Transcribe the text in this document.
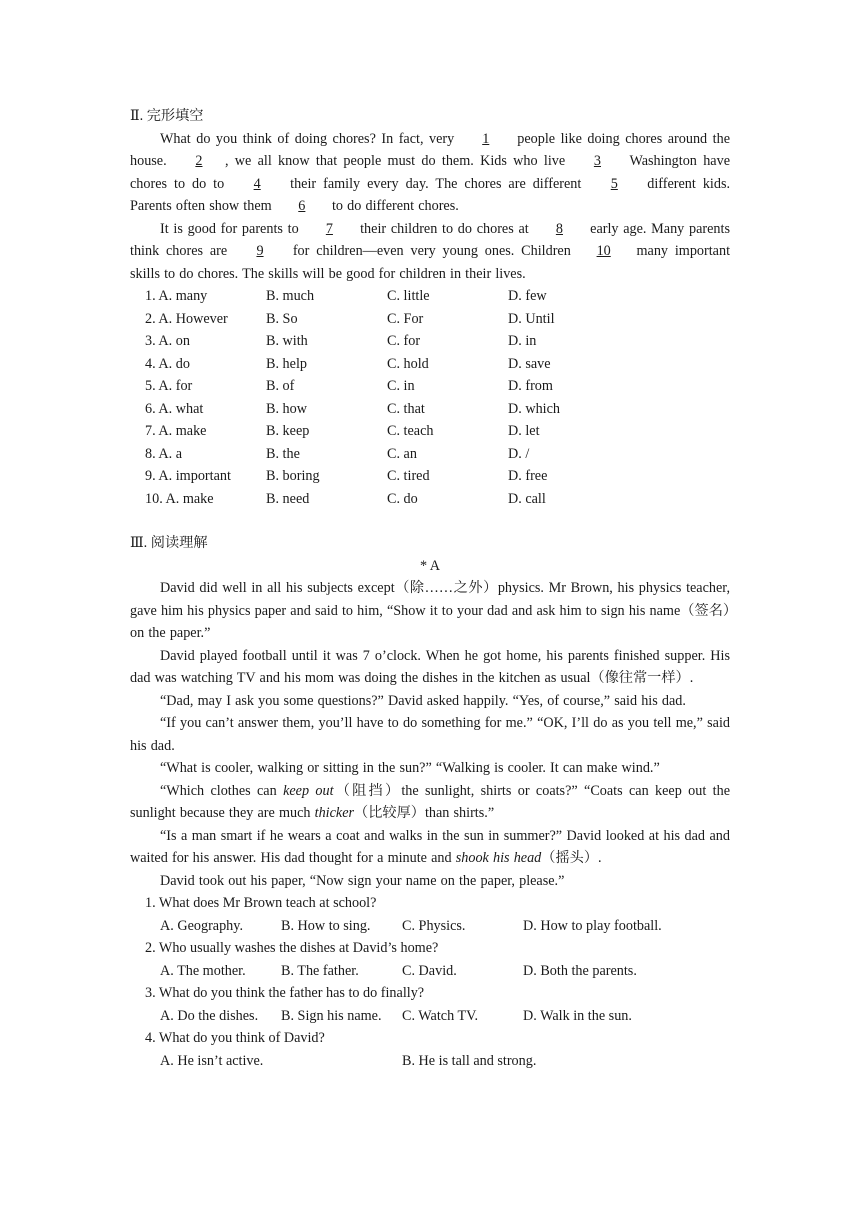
Ⅱ. 完形填空
What do you think of doing chores? In fact, very 1 people like doing chores around the house. 2 , we all know that people must do them. Kids who live 3 Washington have chores to do to 4 their family every day. The chores are different 5 different kids. Parents often show them 6 to do different chores.
It is good for parents to 7 their children to do chores at 8 early age. Many parents think chores are 9 for children—even very young ones. Children 10 many important skills to do chores. The skills will be good for children in their lives.
1. A. many	B. much	C. little	D. few
2. A. However	B. So	C. For	D. Until
3. A. on	B. with	C. for	D. in
4. A. do	B. help	C. hold	D. save
5. A. for	B. of	C. in	D. from
6. A. what	B. how	C. that	D. which
7. A. make	B. keep	C. teach	D. let
8. A. a	B. the	C. an	D. /
9. A. important	B. boring	C. tired	D. free
10. A. make	B. need	C. do	D. call
Ⅲ. 阅读理解
* A
David did well in all his subjects except（除……之外）physics. Mr Brown, his physics teacher, gave him his physics paper and said to him, “Show it to your dad and ask him to sign his name（签名）on the paper.”
David played football until it was 7 o’clock. When he got home, his parents finished supper. His dad was watching TV and his mom was doing the dishes in the kitchen as usual（像往常一样）.
“Dad, may I ask you some questions?” David asked happily. “Yes, of course,” said his dad.
“If you can’t answer them, you’ll have to do something for me.” “OK, I’ll do as you tell me,” said his dad.
“What is cooler, walking or sitting in the sun?” “Walking is cooler. It can make wind.”
“Which clothes can keep out（阻挡）the sunlight, shirts or coats?” “Coats can keep out the sunlight because they are much thicker（比较厚）than shirts.”
“Is a man smart if he wears a coat and walks in the sun in summer?” David looked at his dad and waited for his answer. His dad thought for a minute and shook his head（摇头）.
David took out his paper, “Now sign your name on the paper, please.”
1. What does Mr Brown teach at school?
A. Geography.	B. How to sing.	C. Physics.	D. How to play football.
2. Who usually washes the dishes at David’s home?
A. The mother.	B. The father.	C. David.	D. Both the parents.
3. What do you think the father has to do finally?
A. Do the dishes.	B. Sign his name.	C. Watch TV.	D. Walk in the sun.
4. What do you think of David?
A. He isn’t active.	B. He is tall and strong.
